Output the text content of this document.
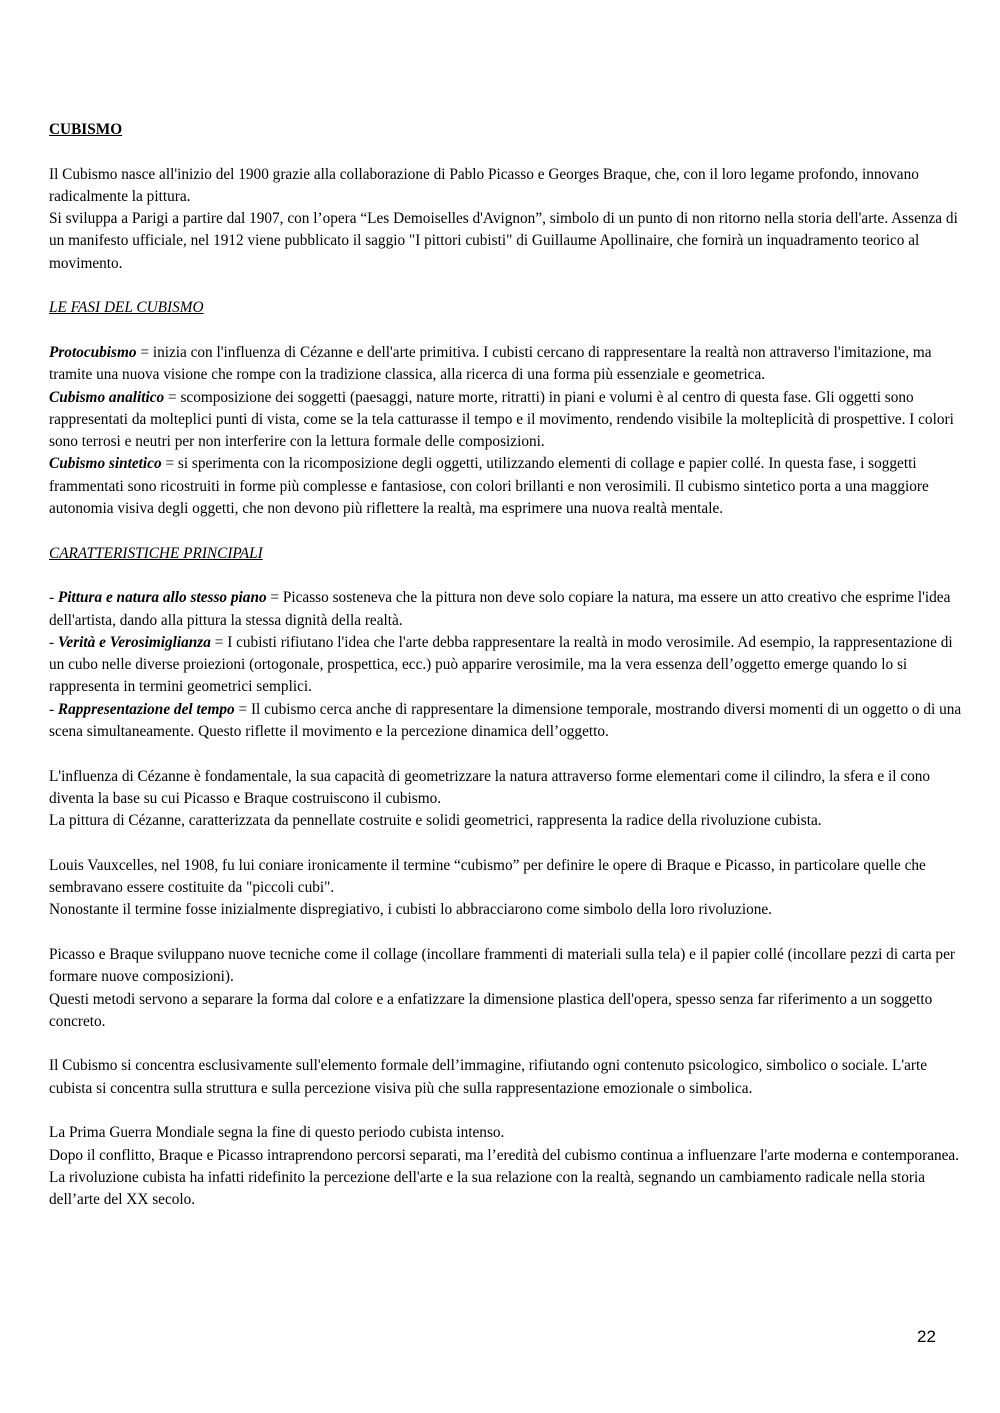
CUBISMO

Il Cubismo nasce all'inizio del 1900 grazie alla collaborazione di Pablo Picasso e Georges Braque, che, con il loro legame profondo, innovano radicalmente la pittura.

Si sviluppa a Parigi a partire dal 1907, con l’opera “Les Demoiselles d'Avignon”, simbolo di un punto di non ritorno nella storia dell'arte. Assenza di un manifesto ufficiale, nel 1912 viene pubblicato il saggio "I pittori cubisti" di Guillaume Apollinaire, che fornirà un inquadramento teorico al movimento.

LE FASI DEL CUBISMO

Protocubismo = inizia con l'influenza di Cézanne e dell'arte primitiva. I cubisti cercano di rappresentare la realtà non attraverso l'imitazione, ma tramite una nuova visione che rompe con la tradizione classica, alla ricerca di una forma più essenziale e geometrica.

Cubismo analitico = scomposizione dei soggetti (paesaggi, nature morte, ritratti) in piani e volumi è al centro di questa fase. Gli oggetti sono rappresentati da molteplici punti di vista, come se la tela catturasse il tempo e il movimento, rendendo visibile la molteplicità di prospettive. I colori sono terrosi e neutri per non interferire con la lettura formale delle composizioni.

Cubismo sintetico = si sperimenta con la ricomposizione degli oggetti, utilizzando elementi di collage e papier collé. In questa fase, i soggetti frammentati sono ricostruiti in forme più complesse e fantasiose, con colori brillanti e non verosimili. Il cubismo sintetico porta a una maggiore autonomia visiva degli oggetti, che non devono più riflettere la realtà, ma esprimere una nuova realtà mentale.

CARATTERISTICHE PRINCIPALI

- Pittura e natura allo stesso piano = Picasso sosteneva che la pittura non deve solo copiare la natura, ma essere un atto creativo che esprime l'idea dell'artista, dando alla pittura la stessa dignità della realtà.

- Verità e Verosimiglianza = I cubisti rifiutano l'idea che l'arte debba rappresentare la realtà in modo verosimile. Ad esempio, la rappresentazione di un cubo nelle diverse proiezioni (ortogonale, prospettica, ecc.) può apparire verosimile, ma la vera essenza dell’oggetto emerge quando lo si rappresenta in termini geometrici semplici.

- Rappresentazione del tempo = Il cubismo cerca anche di rappresentare la dimensione temporale, mostrando diversi momenti di un oggetto o di una scena simultaneamente. Questo riflette il movimento e la percezione dinamica dell’oggetto.

L'influenza di Cézanne è fondamentale, la sua capacità di geometrizzare la natura attraverso forme elementari come il cilindro, la sfera e il cono diventa la base su cui Picasso e Braque costruiscono il cubismo.

La pittura di Cézanne, caratterizzata da pennellate costruite e solidi geometrici, rappresenta la radice della rivoluzione cubista.

Louis Vauxcelles, nel 1908, fu lui coniare ironicamente il termine “cubismo” per definire le opere di Braque e Picasso, in particolare quelle che sembravano essere costituite da "piccoli cubi".

Nonostante il termine fosse inizialmente dispregiativo, i cubisti lo abbracciarono come simbolo della loro rivoluzione.

Picasso e Braque sviluppano nuove tecniche come il collage (incollare frammenti di materiali sulla tela) e il papier collé (incollare pezzi di carta per formare nuove composizioni).

Questi metodi servono a separare la forma dal colore e a enfatizzare la dimensione plastica dell'opera, spesso senza far riferimento a un soggetto concreto.

Il Cubismo si concentra esclusivamente sull'elemento formale dell’immagine, rifiutando ogni contenuto psicologico, simbolico o sociale. L'arte cubista si concentra sulla struttura e sulla percezione visiva più che sulla rappresentazione emozionale o simbolica.

La Prima Guerra Mondiale segna la fine di questo periodo cubista intenso.

Dopo il conflitto, Braque e Picasso intraprendono percorsi separati, ma l’eredità del cubismo continua a influenzare l'arte moderna e contemporanea.

La rivoluzione cubista ha infatti ridefinito la percezione dell'arte e la sua relazione con la realtà, segnando un cambiamento radicale nella storia dell’arte del XX secolo.

22
